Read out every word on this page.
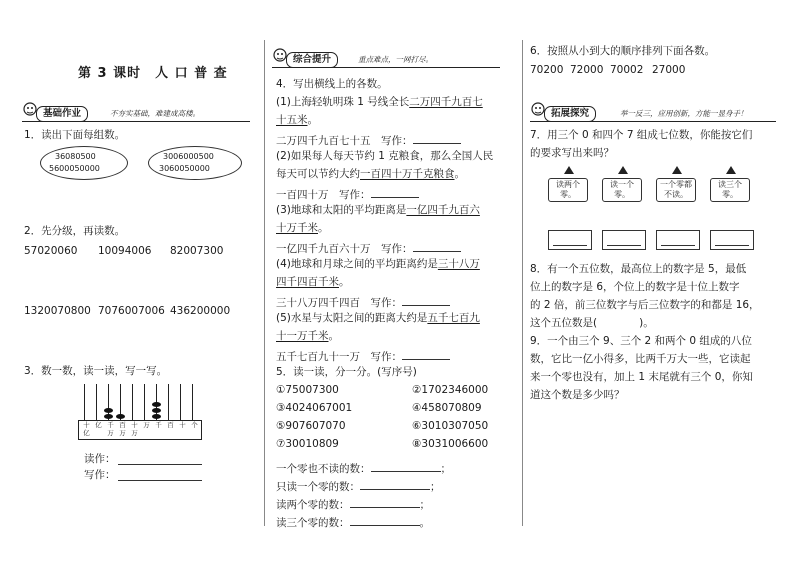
第 3 课时　人 口 普 查
基础作业	不夯实基础，难建成高楼。
1．读出下面每组数。
36080500
5600050000
3006000500
3060050000
2．先分级，再读数。
57020060 10094006 82007300
1320070800 7076007006 436200000
3．数一数，读一读，写一写。
十亿
亿 千万
百万
十万
万 千 百 十 个
读作：
写作：
综合提升	重点难点，一网打尽。
4．写出横线上的各数。
(1)上海轻轨明珠 1 号线全长二万四千九百七
十五米。
二万四千九百七十五　写作：
(2)如果每人每天节约 1 克粮食，那么全国人民
每天可以节约大约一百四十万千克粮食。
一百四十万　写作：
(3)地球和太阳的平均距离是一亿四千九百六
十万千米。
一亿四千九百六十万　写作：
(4)地球和月球之间的平均距离约是三十八万
四千四百千米。
三十八万四千四百　写作：
(5)水星与太阳之间的距离大约是五千七百九
十一万千米。
五千七百九十一万　写作：
5．读一读，分一分。(写序号)
①75007300	②1702346000
③4024067001	④458070809
⑤907607070	⑥3010307050
⑦30010809	⑧3031006600
一个零也不读的数：	；
只读一个零的数：	；
读两个零的数：	；
读三个零的数：	。
6．按照从小到大的顺序排列下面各数。
70200 72000 70002 27000
拓展探究	举一反三，应用创新，方能一显身手！
7．用三个 0 和四个 7 组成七位数，你能按它们
的要求写出来吗？
读两个零。
读一个零。
一个零都不读。
读三个零。
8．有一个五位数，最高位上的数字是 5，最低
位上的数字是 6，个位上的数字是十位上数字
的 2 倍，前三位数字与后三位数字的和都是 16，
这个五位数是(　　　　)。
9．一个由三个 9、三个 2 和两个 0 组成的八位
数，它比一亿小得多，比两千万大一些，它读起
来一个零也没有，加上 1 末尾就有三个 0，你知
道这个数是多少吗？
